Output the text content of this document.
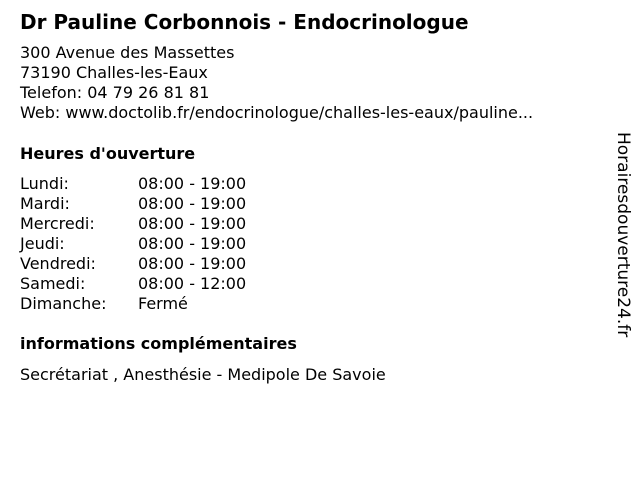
Dr Pauline Corbonnois - Endocrinologue
300 Avenue des Massettes
73190 Challes-les-Eaux
Telefon: 04 79 26 81 81
Web: www.doctolib.fr/endocrinologue/challes-les-eaux/pauline...
Heures d'ouverture
Lundi:	08:00 - 19:00
Mardi:	08:00 - 19:00
Mercredi:	08:00 - 19:00
Jeudi:	08:00 - 19:00
Vendredi:	08:00 - 19:00
Samedi:	08:00 - 12:00
Dimanche:	Fermé
informations complémentaires
Secrétariat , Anesthésie - Medipole De Savoie
Horairesdouverture24.fr
